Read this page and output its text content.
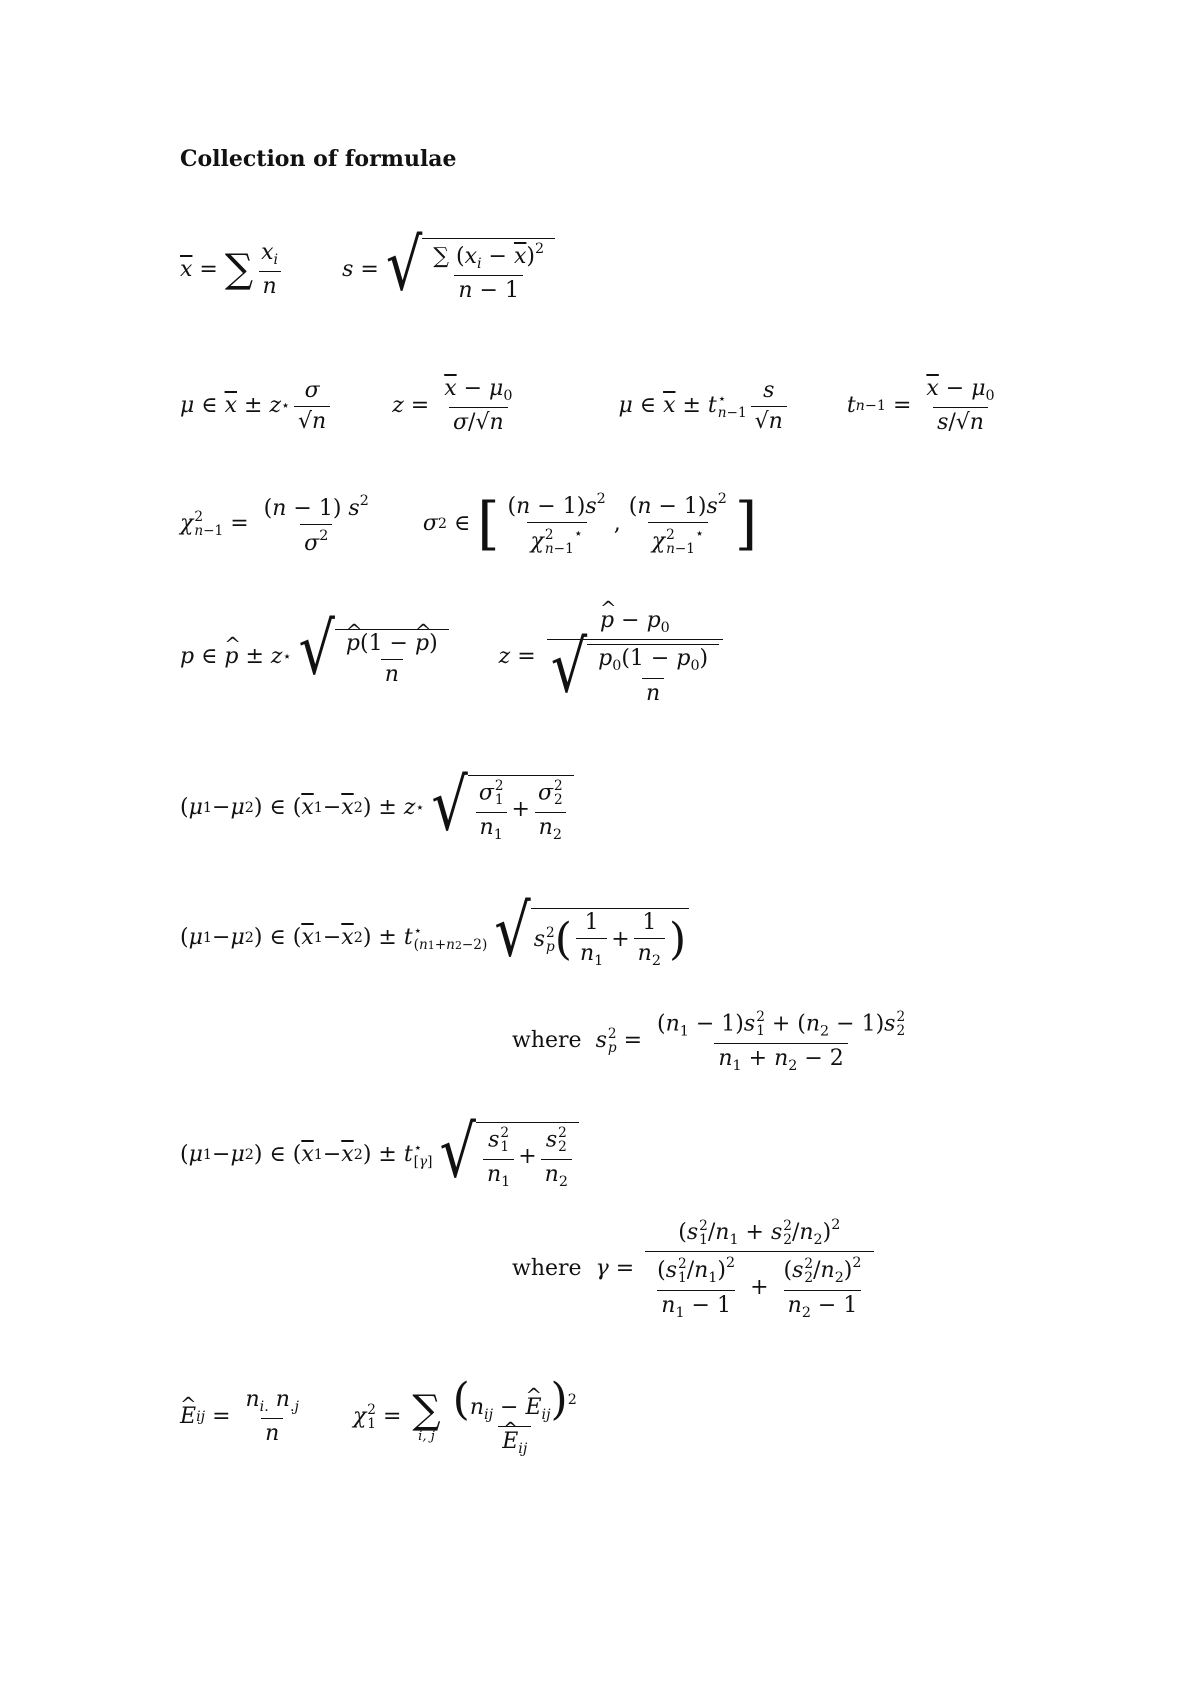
Collection of formulae
$\overline{x}$ = ∑ $\frac{x_i}{n}$	s = √ $\frac{\sum (x_i - \overline{x})^2}{n - 1}$
μ ∈ $\overline{x} \pm z$ ⋆ $\frac{\sigma}{√n}$	$z = \frac{\overline{x} - \mu_0}{\sigma/√n}$	μ ∈ $\overline{x} \pm t$ ⋆
$n-1 \frac{s}{√n}$	t $n-1 = \frac{\overline{x} - \mu_0}{s/√n}$
χ 2
$n-1 = \frac{(n - 1) s^2}{\sigma^2}$ σ 2 ∈ [ $(n - 1)s^2$
χ 2
n−1
⋆ , $(n - 1)s^2$
χ 2
n−1
⋆ ]
p ∈ ^ p ± z ⋆
√ ^ $\frac{p(1 - \^{} p)}{n}$	z = ^ $\frac{p - p_0}{√ \frac{p_0(1 - p_0)}{n}}$
( μ 1 − μ 2 ) ∈ ( $\overline{x}$ $1 - \overline{x}$ 2 ) ± z ⋆
√ σ 2
1
$n_1 + \sigma$ 2
2
$n_2$
( μ 1 − μ 2 ) ∈ ( $\overline{x}$ $1 - \overline{x}$ 2 ) ± t ⋆
(n1+n2−2)
√ s 2
p ( $\frac{1}{n_1} + \frac{1}{n_2}$ )
where s 2
$p = (n_1 - 1)s$ 2
$1 + (n_2 - 1)s$ 2
2
$n_1 + n_2 - 2$
( μ 1 − μ 2 ) ∈ ( $\overline{x}$ $1 - \overline{x}$ 2 ) ± t ⋆
[γ]
√ s 2
1
$n_1 + s$ 2
2
$n_2$
where γ = (s 2
1 $/n_1 + s$ 2
2 $/n_2)^2$
(s 2
1 $/n_1)^2$
$n_1 - 1 + (s$ 2
2 $/n_2)^2$
$n_2 - 1$
^ E ij = $\frac{n_{i.} n_{.j}}{n}$ χ 2
1 = ∑
i, j ($n_{ij}$ − ^ $E_{ij})^2$
^ $E_{ij}$
